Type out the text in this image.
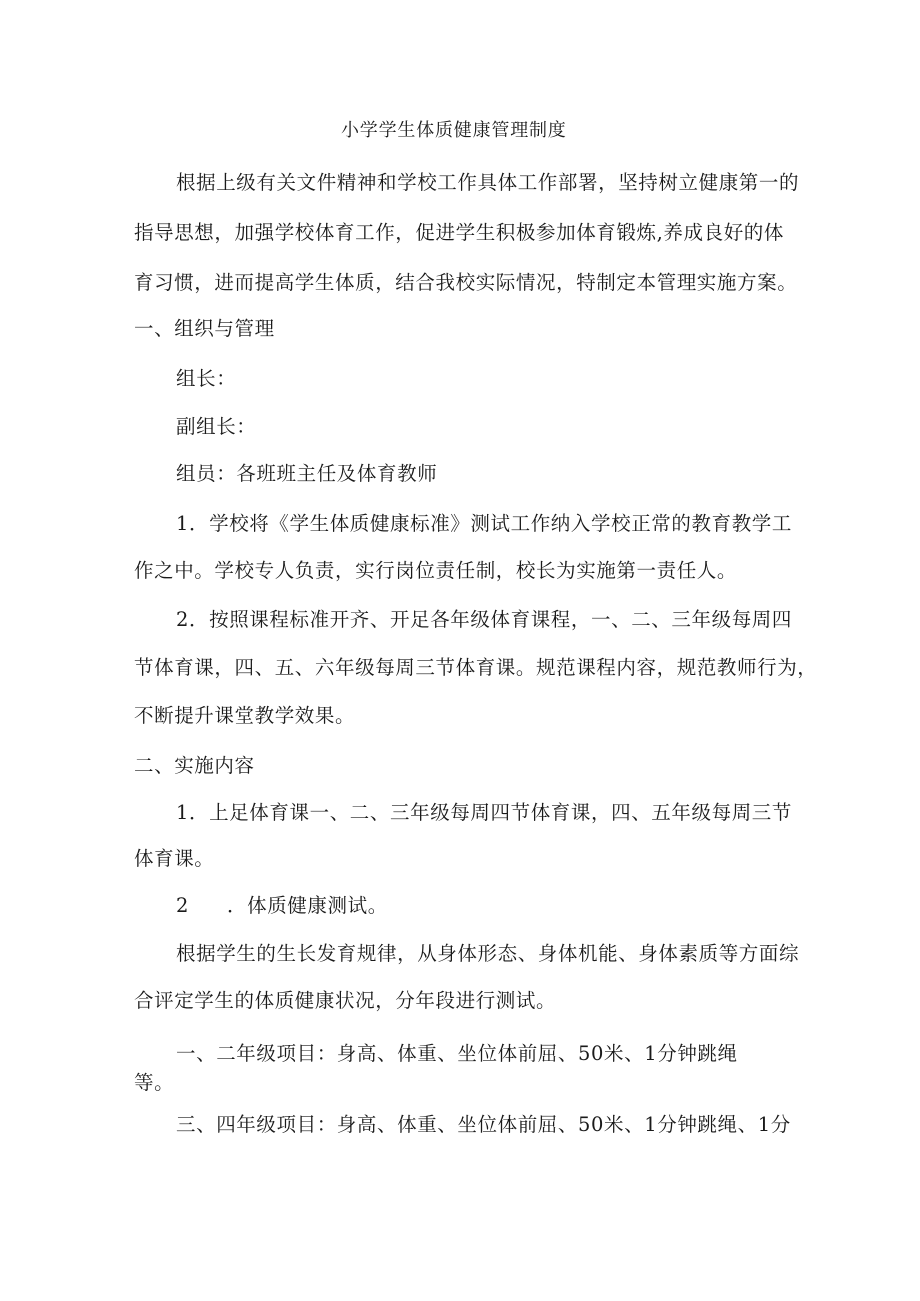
小学学生体质健康管理制度
根据上级有关文件精神和学校工作具体工作部署，坚持树立健康第一的
指导思想，加强学校体育工作，促进学生积极参加体育锻炼,养成良好的体
育习惯，进而提高学生体质，结合我校实际情况，特制定本管理实施方案。
一、组织与管理
组长：
副组长：
组员：各班班主任及体育教师
1．学校将《学生体质健康标准》测试工作纳入学校正常的教育教学工
作之中。学校专人负责，实行岗位责任制，校长为实施第一责任人。
2．按照课程标准开齐、开足各年级体育课程，一、二、三年级每周四
节体育课，四、五、六年级每周三节体育课。规范课程内容，规范教师行为，
不断提升课堂教学效果。
二、实施内容
1．上足体育课一、二、三年级每周四节体育课，四、五年级每周三节
体育课。
2 ．体质健康测试。
根据学生的生长发育规律，从身体形态、身体机能、身体素质等方面综
合评定学生的体质健康状况，分年段进行测试。
一、二年级项目：身高、体重、坐位体前屈、50米、1分钟跳绳
等。
三、四年级项目：身高、体重、坐位体前屈、50米、1分钟跳绳、1分
